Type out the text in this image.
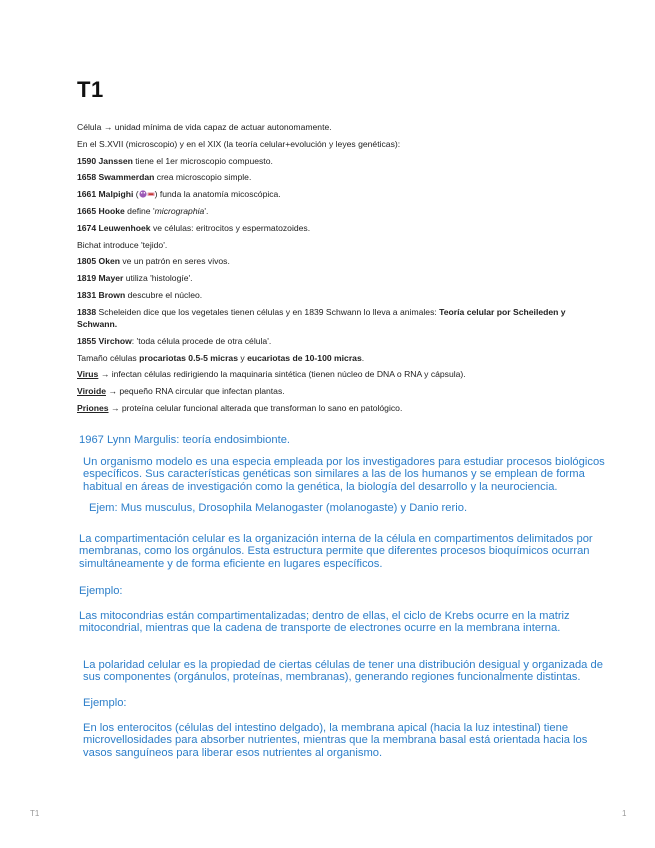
T1

Célula → unidad mínima de vida capaz de actuar autonomamente.

En el S.XVII (microscopio) y en el XIX (la teoría celular+evolución y leyes genéticas):

1590 Janssen tiene el 1er microscopio compuesto.

1658 Swammerdan crea microscopio simple.

1661 Malpighi ( ) funda la anatomía micoscópica.

1665 Hooke define 'micrographia'.

1674 Leuwenhoek ve células: eritrocitos y espermatozoides.

Bichat introduce 'tejido'.

1805 Oken ve un patrón en seres vivos.

1819 Mayer utiliza 'histologíe'.

1831 Brown descubre el núcleo.

1838 Scheleiden dice que los vegetales tienen células y en 1839 Schwann lo lleva a animales: Teoría celular por Scheileden y Schwann.

1855 Virchow: 'toda célula procede de otra célula'.

Tamaño células procariotas 0.5-5 micras y eucariotas de 10-100 micras.

Virus → infectan células redirigiendo la maquinaria sintética (tienen núcleo de DNA o RNA y cápsula).

Viroide → pequeño RNA circular que infectan plantas.

Priones → proteína celular funcional alterada que transforman lo sano en patológico.

1967 Lynn Margulis: teoría endosimbionte.

Un organismo modelo es una especia empleada por los investigadores para estudiar procesos biológicos

específicos. Sus características genéticas son similares a las de los humanos y se emplean de forma

habitual en áreas de investigación como la genética, la biología del desarrollo y la neurociencia.

Ejem: Mus musculus, Drosophila Melanogaster (molanogaste) y Danio rerio.

La compartimentación celular es la organización interna de la célula en compartimentos delimitados por

membranas, como los orgánulos. Esta estructura permite que diferentes procesos bioquímicos ocurran

simultáneamente y de forma eficiente en lugares específicos.

Ejemplo:

Las mitocondrias están compartimentalizadas; dentro de ellas, el ciclo de Krebs ocurre en la matriz

mitocondrial, mientras que la cadena de transporte de electrones ocurre en la membrana interna.

La polaridad celular es la propiedad de ciertas células de tener una distribución desigual y organizada de

sus componentes (orgánulos, proteínas, membranas), generando regiones funcionalmente distintas.

Ejemplo:

En los enterocitos (células del intestino delgado), la membrana apical (hacia la luz intestinal) tiene

microvellosidades para absorber nutrientes, mientras que la membrana basal está orientada hacia los

vasos sanguíneos para liberar esos nutrientes al organismo.

T1	1
